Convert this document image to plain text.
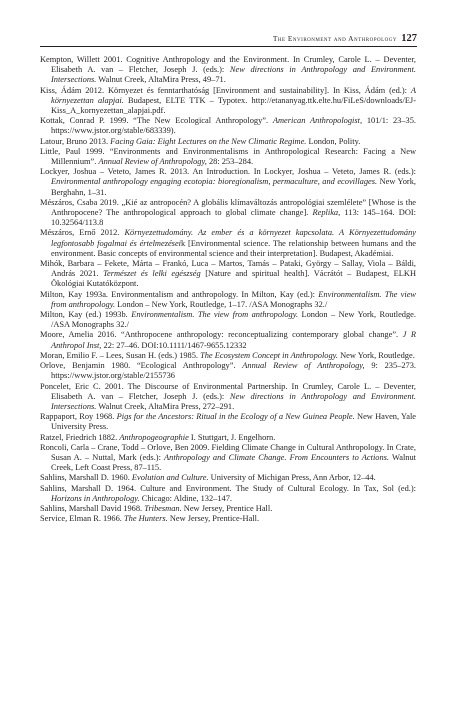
The Environment and Anthropology 127

Kempton, Willett 2001. Cognitive Anthropology and the Environment. In Crumley, Carole L. – Deventer, Elisabeth A. van – Fletcher, Joseph J. (eds.): New directions in Anthropology and Environment. Intersections. Walnut Creek, AltaMira Press, 49–71.

Kiss, Ádám 2012. Környezet és fenntarthatóság [Environment and sustainability]. In Kiss, Ádám (ed.): A környezettan alapjai. Budapest, ELTE TTK – Typotex. http://etananyag.ttk.elte.hu/FiLeS/downloads/EJ-Kiss_A_kornyezettan_alapjai.pdf.

Kottak, Conrad P. 1999. “The New Ecological Anthropology”. American Anthropologist, 101/1: 23–35. https://www.jstor.org/stable/683339).

Latour, Bruno 2013. Facing Gaia: Eight Lectures on the New Climatic Regime. London, Polity.

Little, Paul 1999. “Environments and Environmentalisms in Anthropological Research: Facing a New Millennium”. Annual Review of Anthropology, 28: 253–284.

Lockyer, Joshua – Veteto, James R. 2013. An Introduction. In Lockyer, Joshua – Veteto, James R. (eds.): Environmental anthropology engaging ecotopia: bioregionalism, permaculture, and ecovillages. New York, Berghahn, 1–31.

Mészáros, Csaba 2019. „Kié az antropocén? A globális klímaváltozás antropológiai szemlélete” [Whose is the Anthropocene? The anthropological approach to global climate change]. Replika, 113: 145–164. DOI: 10.32564/113.8

Mészáros, Ernő 2012. Környezettudomány. Az ember és a környezet kapcsolata. A Környezettudomány legfontosabb fogalmai és értelmezéseik [Environmental science. The relationship between humans and the environment. Basic concepts of environmental science and their interpretation]. Budapest, Akadémiai.

Mihók, Barbara – Fekete, Márta – Frankó, Luca – Martos, Tamás – Pataki, György – Sallay, Viola – Báldi, András 2021. Természet és lelki egészség [Nature and spiritual health]. Vácrátót – Budapest, ELKH Ökológiai Kutatóközpont.

Milton, Kay 1993a. Environmentalism and anthropology. In Milton, Kay (ed.): Environmentalism. The view from anthropology. London – New York, Routledge, 1–17. /ASA Monographs 32./

Milton, Kay (ed.) 1993b. Environmentalism. The view from anthropology. London – New York, Routledge. /ASA Monographs 32./

Moore, Amelia 2016. “Anthropocene anthropology: reconceptualizing contemporary global change”. J R Anthropol Inst, 22: 27–46. DOI:10.1111/1467-9655.12332

Moran, Emilio F. – Lees, Susan H. (eds.) 1985. The Ecosystem Concept in Anthropology. New York, Routledge.

Orlove, Benjamin 1980. “Ecological Anthropology”. Annual Review of Anthropology, 9: 235–273. https://www.jstor.org/stable/2155736

Poncelet, Eric C. 2001. The Discourse of Environmental Partnership. In Crumley, Carole L. – Deventer, Elisabeth A. van – Fletcher, Joseph J. (eds.): New directions in Anthropology and Environment. Intersections. Walnut Creek, AltaMira Press, 272–291.

Rappaport, Roy 1968. Pigs for the Ancestors: Ritual in the Ecology of a New Guinea People. New Haven, Yale University Press.

Ratzel, Friedrich 1882. Anthropogeographie I. Stuttgart, J. Engelhorn.

Roncoli, Carla – Crane, Todd – Orlove, Ben 2009. Fielding Climate Change in Cultural Anthropology. In Crate, Susan A. – Nuttal, Mark (eds.): Anthropology and Climate Change. From Encounters to Actions. Walnut Creek, Left Coast Press, 87–115.

Sahlins, Marshall D. 1960. Evolution and Culture. University of Michigan Press, Ann Arbor, 12–44.

Sahlins, Marshall D. 1964. Culture and Environment. The Study of Cultural Ecology. In Tax, Sol (ed.): Horizons in Anthropology. Chicago: Aldine, 132–147.

Sahlins, Marshall David 1968. Tribesman. New Jersey, Prentice Hall.

Service, Elman R. 1966. The Hunters. New Jersey, Prentice-Hall.
